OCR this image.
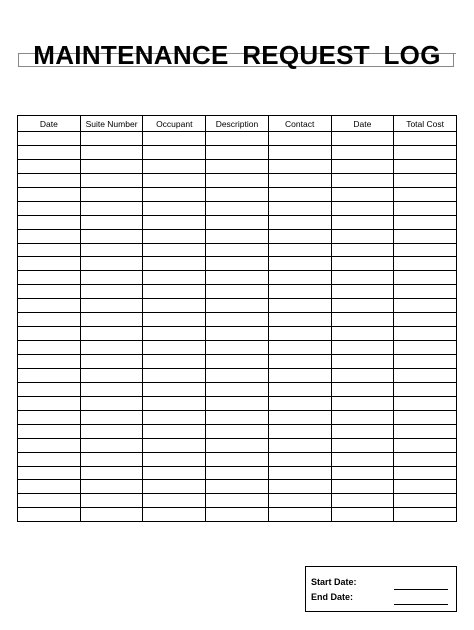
MAINTENANCE REQUEST LOG
Date	Suite Number	Occupant	Description	Contact	Date	Total Cost

Start Date:
End Date:
